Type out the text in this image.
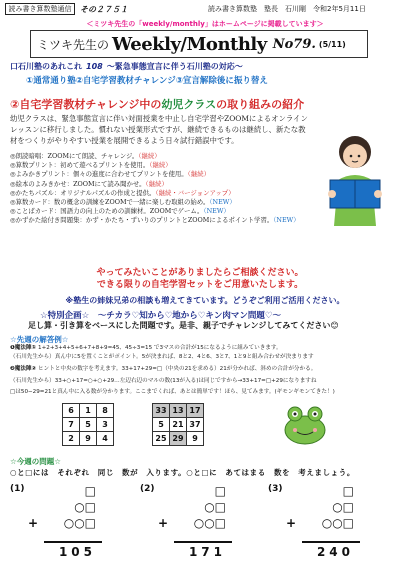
読み書き算数塾通信	その２７５１	読み書き算数塾　塾長　石川剛　令和2年5月11日
＜ミツキ先生の「weekly/monthly」はホームページに掲載しています＞
ミツキ先生の Weekly/Monthly No79. (5/11)
口石川塾のあれこれ 108 ～緊急事態宣言に伴う石川塾の対応～
①通常通り塾②自宅学習教材チャレンジ③宣言解除後に振り替え
②自宅学習教材チャレンジ中の幼児クラスの取り組みの紹介
幼児クラスは、緊急事態宣言に伴い対面授業を中止し自宅学習やZOOMによるオンラインレッスンに移行しました。慣れない授業形式ですが、継続できるものは継続し、新たな教材をつくりがやりやすい授業を展開できるよう日々試行錯誤中です。
◎朗読暗唱：ZOOMにて朗読、チャレンジ。（継続）
◎算数プリント：初めて遊べるプリントを使用。（継続）
◎よみかきプリント：個々の進度に合わせてプリントを使用。（継続）
◎絵本のよみきかせ：ZOOMにて読み聞かせ。（継続）
◎かたちパズル：オリジナルパズルの作成と提供。（継続・バージョンアップ）
◎算数カード：数の概念の訓練をZOOMで一緒に楽しむ取組の始め。（NEW）
◎ことばカード：国語力の向上のための訓練材。ZOOMでゲーム。（NEW）
◎かずかた絵付き問題集：かず・かたち・ずいりのプリントとZOOMによるポイント学習。（NEW）
やってみたいことがありましたらご相談ください。
できる限りの自宅学習セットをご用意いたします。
※塾生の姉妹兄弟の相談も増えてきています。どうぞご利用ご活用ください。
☆特別企画☆　～チカラ♡知から♡地から♡キン肉マン問題♡～
足し算・引き算をベースにした問題です。是非、親子でチャレンジしてみてください😊
☆先週の解答例☆
❶魔法陣① 1+2+3+4+5+6+7+8+9=45、45÷3=15 で3マスの合計が15になるように組みていきます。
（石川先生から）真ん中に5を置くことがポイント。5が決まれば、8と2、4と6、3と7、1と9と組み合わせが決まります
❷魔法陣② ヒントと中央の数字を考えます。33+17+29=□（中央の21を求める）21が分かれば、斜めの合計が分かる。
（石川先生から）33+○+17=○+○+29…左辺右辺のマルの数(13が入る)は同じですから→33+17=□+29になりますね
□は50−29=21と真ん中に入る数が分かります。ここまでくれば、あとは簡単です！ほら、見てみます。(ギモンギモンてきた！)
6	1	8
7	5	3
2	9	4
33	13	17
5	21	37
25	29	9
☆今週の問題☆
○と□には　それぞれ　同じ　数が　入ります。○と□に　あてはまる　数を　考えましょう。
(1)	□
○□
○○□
+
105
(2)	□
○□
○○□
+
171
(3)	□
○□
○○□
+
240
